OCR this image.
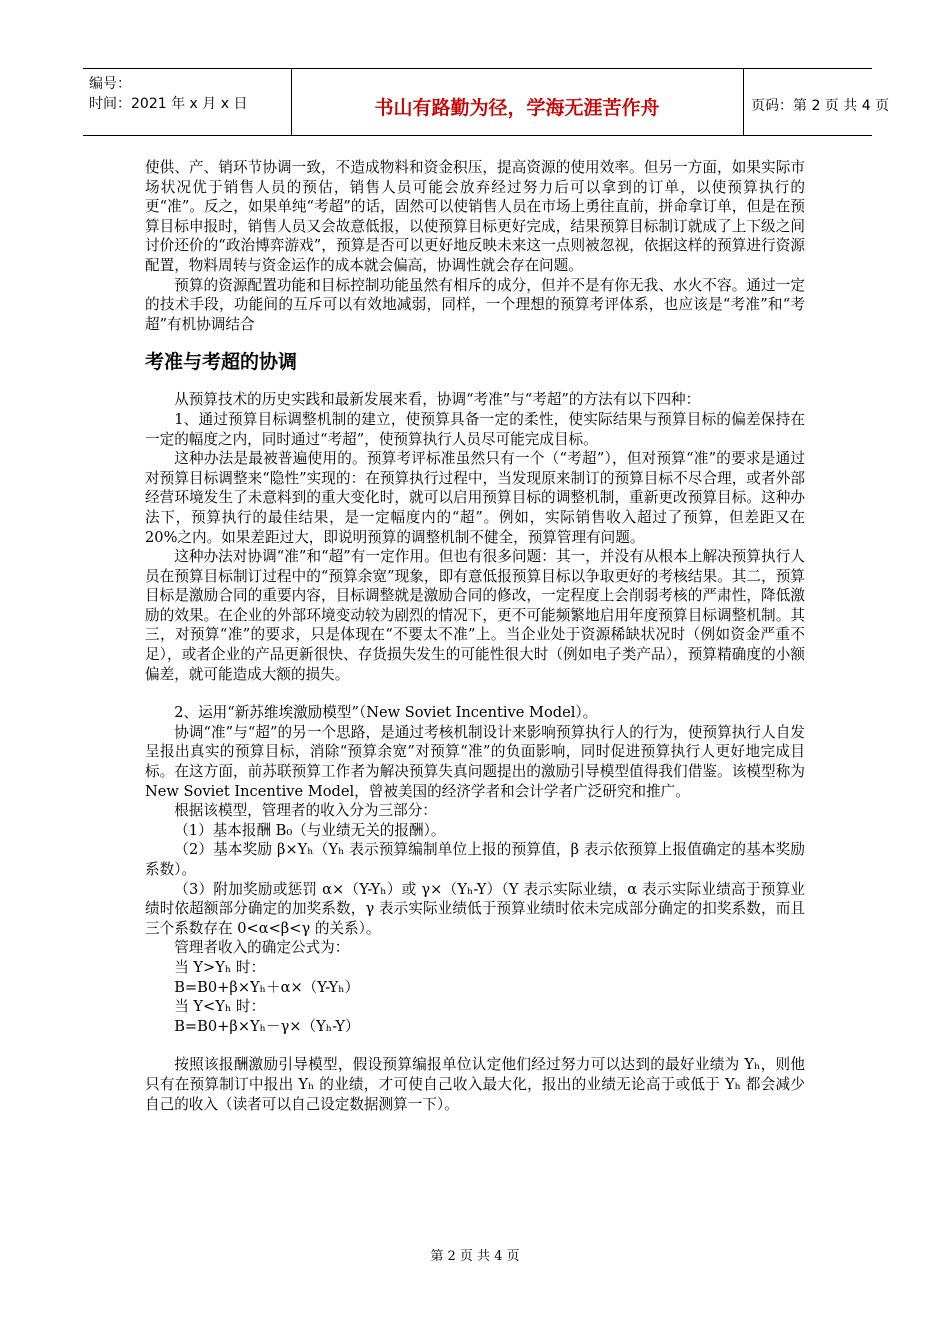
编号：
时间：2021 年 x 月 x 日	书山有路勤为径，学海无涯苦作舟	页码：第 2 页 共 4 页

使供、产、销环节协调一致，不造成物料和资金积压，提高资源的使用效率。但另一方面，如果实际市场状况优于销售人员的预估，销售人员可能会放弃经过努力后可以拿到的订单，以使预算执行的更“准”。反之，如果单纯“考超”的话，固然可以使销售人员在市场上勇往直前，拼命拿订单，但是在预算目标申报时，销售人员又会故意低报，以使预算目标更好完成，结果预算目标制订就成了上下级之间讨价还价的“政治博弈游戏”，预算是否可以更好地反映未来这一点则被忽视，依据这样的预算进行资源配置，物料周转与资金运作的成本就会偏高，协调性就会存在问题。

预算的资源配置功能和目标控制功能虽然有相斥的成分，但并不是有你无我、水火不容。通过一定的技术手段，功能间的互斥可以有效地减弱，同样，一个理想的预算考评体系，也应该是“考准”和“考超”有机协调结合

考准与考超的协调

从预算技术的历史实践和最新发展来看，协调“考准”与“考超”的方法有以下四种：

1、通过预算目标调整机制的建立，使预算具备一定的柔性，使实际结果与预算目标的偏差保持在一定的幅度之内，同时通过“考超”，使预算执行人员尽可能完成目标。

这种办法是最被普遍使用的。预算考评标准虽然只有一个（“考超”），但对预算“准”的要求是通过对预算目标调整来“隐性”实现的：在预算执行过程中，当发现原来制订的预算目标不尽合理，或者外部经营环境发生了未意料到的重大变化时，就可以启用预算目标的调整机制，重新更改预算目标。这种办法下，预算执行的最佳结果，是一定幅度内的“超”。例如，实际销售收入超过了预算，但差距又在 20%之内。如果差距过大，即说明预算的调整机制不健全，预算管理有问题。

这种办法对协调“准”和“超”有一定作用。但也有很多问题：其一，并没有从根本上解决预算执行人员在预算目标制订过程中的“预算余宽”现象，即有意低报预算目标以争取更好的考核结果。其二，预算目标是激励合同的重要内容，目标调整就是激励合同的修改，一定程度上会削弱考核的严肃性，降低激励的效果。在企业的外部环境变动较为剧烈的情况下，更不可能频繁地启用年度预算目标调整机制。其三，对预算“准”的要求，只是体现在“不要太不准”上。当企业处于资源稀缺状况时（例如资金严重不足），或者企业的产品更新很快、存货损失发生的可能性很大时（例如电子类产品），预算精确度的小额偏差，就可能造成大额的损失。

2、运用“新苏维埃激励模型”（New Soviet Incentive Model）。

协调“准”与“超”的另一个思路，是通过考核机制设计来影响预算执行人的行为，使预算执行人自发呈报出真实的预算目标，消除“预算余宽”对预算“准”的负面影响，同时促进预算执行人更好地完成目标。在这方面，前苏联预算工作者为解决预算失真问题提出的激励引导模型值得我们借鉴。该模型称为 New Soviet Incentive Model，曾被美国的经济学者和会计学者广泛研究和推广。

根据该模型，管理者的收入分为三部分：

（1）基本报酬 B₀（与业绩无关的报酬）。

（2）基本奖励 β×Yₕ（Yₕ 表示预算编制单位上报的预算值，β 表示依预算上报值确定的基本奖励系数）。

（3）附加奖励或惩罚 α×（Y-Yₕ）或 γ×（Yₕ-Y）（Y 表示实际业绩，α 表示实际业绩高于预算业绩时依超额部分确定的加奖系数，γ 表示实际业绩低于预算业绩时依未完成部分确定的扣奖系数，而且三个系数存在 0<α<β<γ 的关系）。

管理者收入的确定公式为：

当 Y>Yₕ 时：

B=B0+β×Yₕ＋α×（Y-Yₕ）

当 Y<Yₕ 时：

B=B0+β×Yₕ－γ×（Yₕ-Y）

按照该报酬激励引导模型，假设预算编报单位认定他们经过努力可以达到的最好业绩为 Yₕ，则他只有在预算制订中报出 Yₕ 的业绩，才可使自己收入最大化，报出的业绩无论高于或低于 Yₕ 都会减少自己的收入（读者可以自己设定数据测算一下）。

第 2 页 共 4 页
